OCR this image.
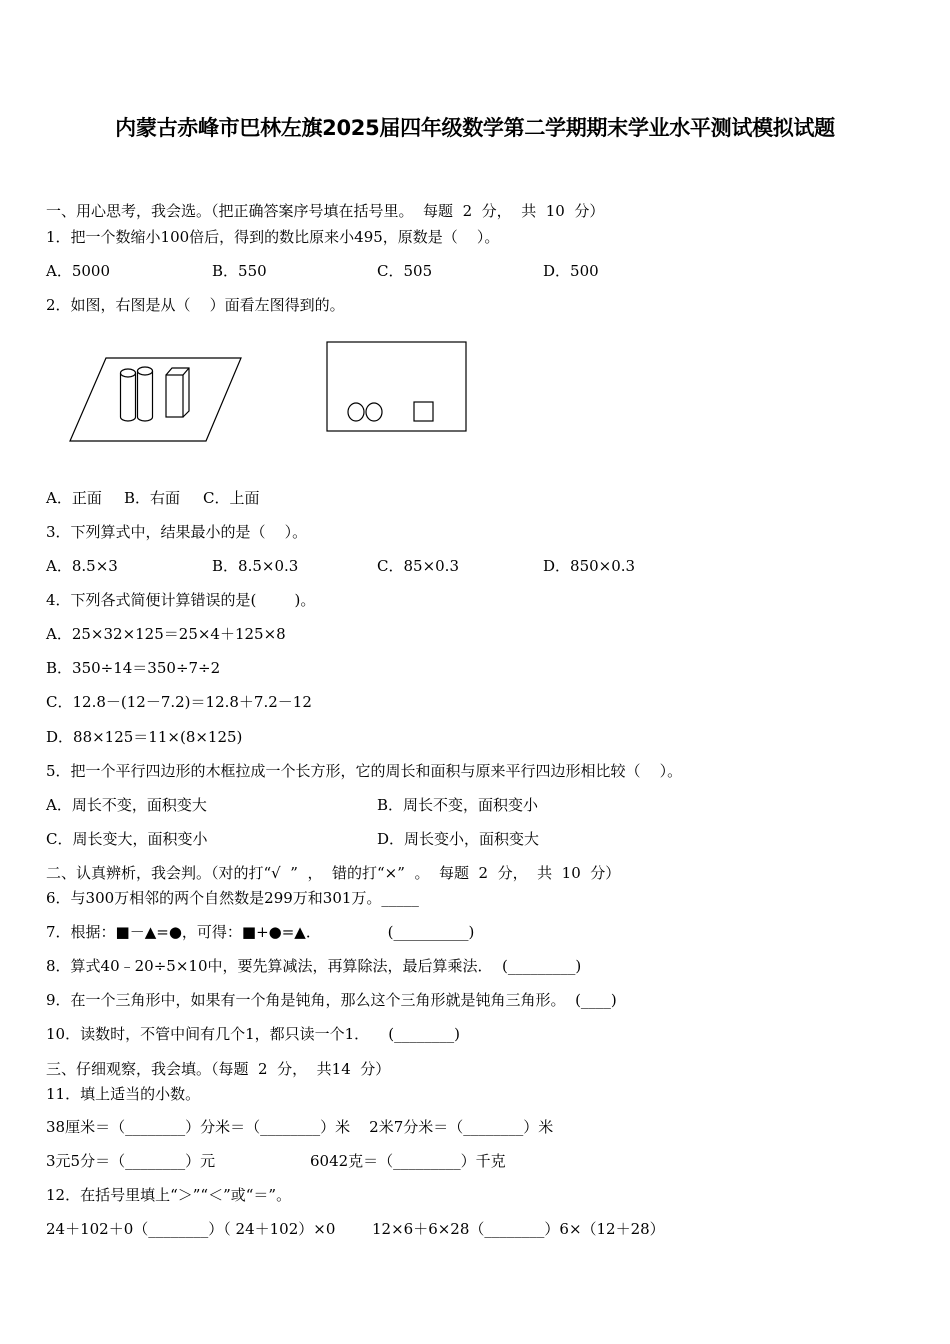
内蒙古赤峰市巴林左旗2025届四年级数学第二学期期末学业水平测试模拟试题
一、用心思考，我会选。（把正确答案序号填在括号里。  每题  2  分，  共  10  分）
1．把一个数缩小100倍后，得到的数比原来小495，原数是（    ）。
A．5000	B．550	C．505	D．500
2．如图，右图是从（    ）面看左图得到的。
A．正面 B．右面 C．上面
3．下列算式中，结果最小的是（    ）。
A．8.5×3	B．8.5×0.3	C．85×0.3	D．850×0.3
4．下列各式简便计算错误的是(        )。
A．25×32×125＝25×4＋125×8
B．350÷14＝350÷7÷2
C．12.8－(12－7.2)＝12.8＋7.2－12
D．88×125＝11×(8×125)
5．把一个平行四边形的木框拉成一个长方形，它的周长和面积与原来平行四边形相比较（    ）。
A．周长不变，面积变大	B．周长不变，面积变小
C．周长变大，面积变小	D．周长变小，面积变大
二、认真辨析，我会判。（对的打“√  ”  ，  错的打“×”  。  每题  2  分，  共  10  分）
6．与300万相邻的两个自然数是299万和301万。_____
7．根据：■－▲=●，可得：■+●=▲．              (__________)
8．算式40﹣20÷5×10中，要先算减法，再算除法，最后算乘法．  (_________)
9．在一个三角形中，如果有一个角是钝角，那么这个三角形就是钝角三角形。  (____)
10．读数时，不管中间有几个1，都只读一个1．    (________)
三、仔细观察，我会填。（每题  2  分，  共14  分）
11．填上适当的小数。
38厘米＝（________）分米＝（________）米    2米7分米＝（________）米
3元5分＝（________）元	6042克＝（_________）千克
12．在括号里填上“＞”“＜”或“＝”。
24＋102＋0（________）（ 24＋102）×0 12×6＋6×28（________）6×（12＋28）
